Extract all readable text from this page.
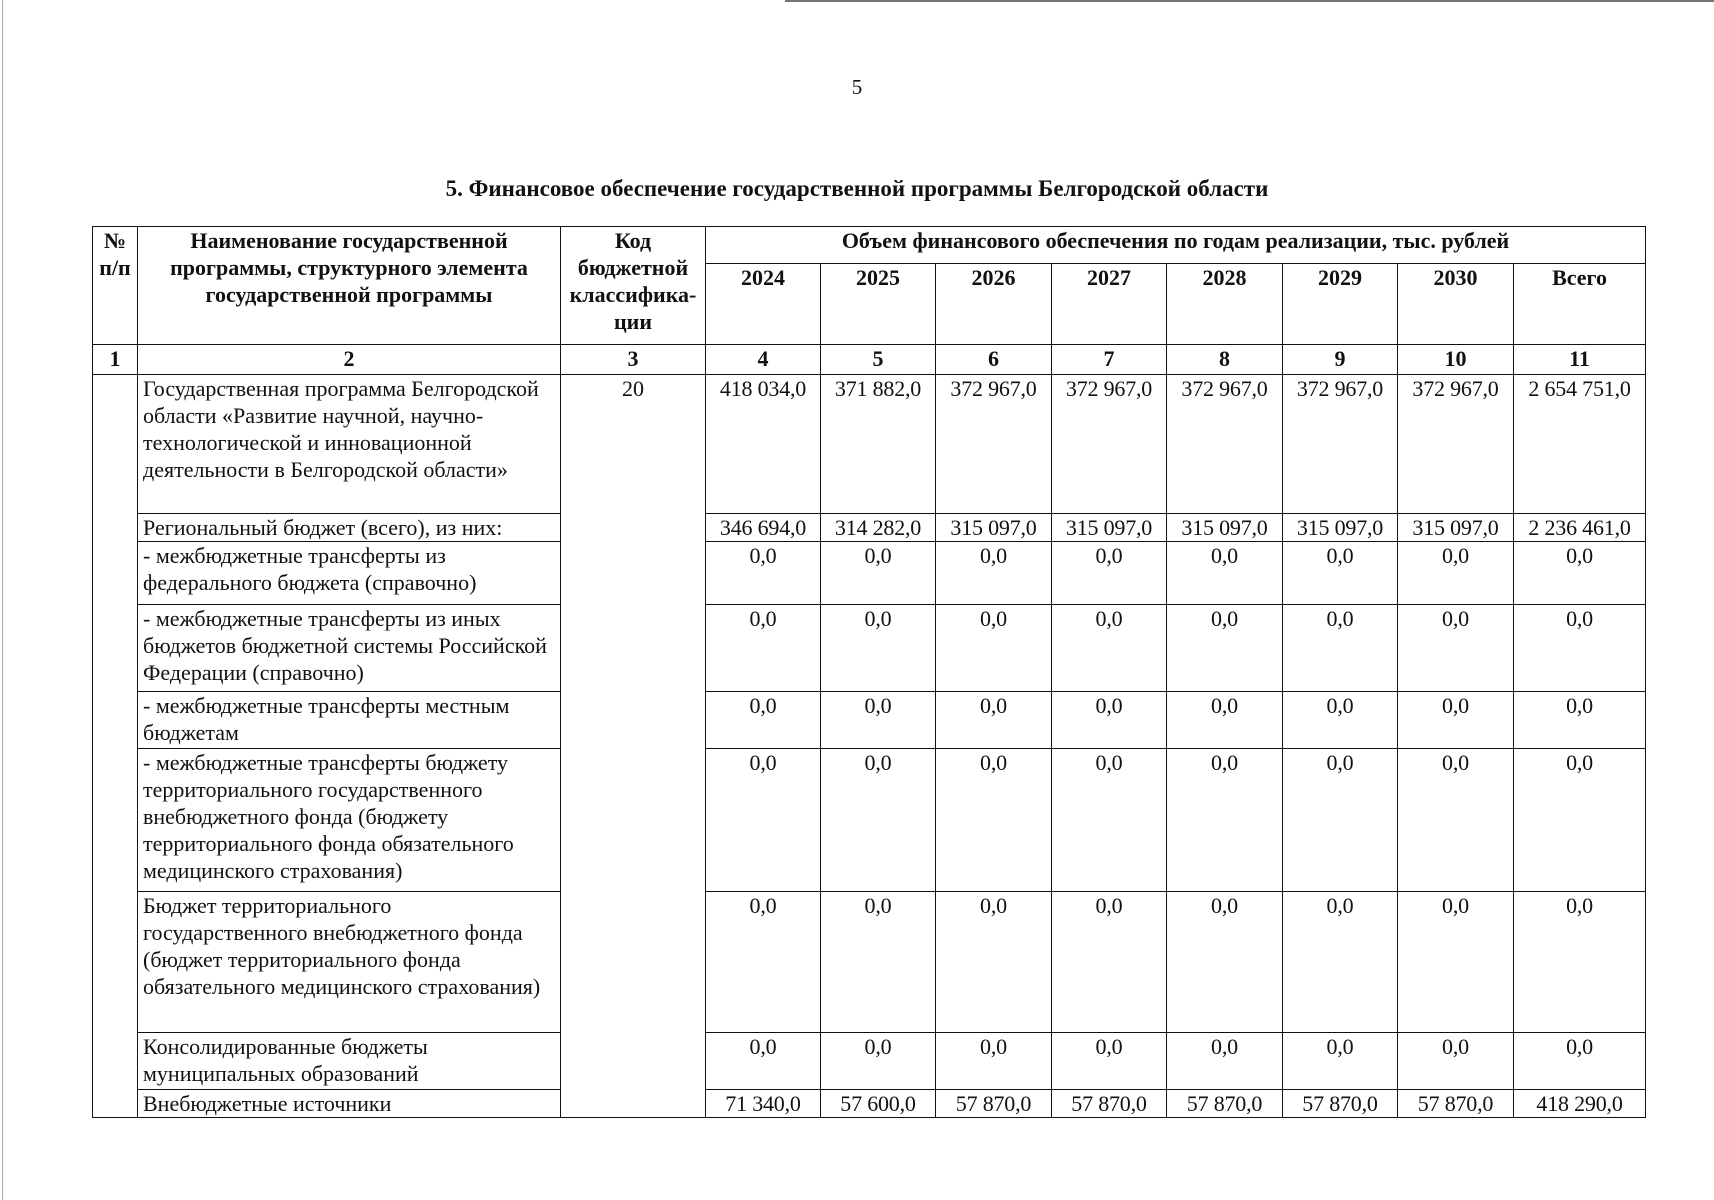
5
5. Финансовое обеспечение государственной программы Белгородской области
№ п/п	Наименование государственной программы, структурного элемента государственной программы	Код бюджетной классифика-ции	Объем финансового обеспечения по годам реализации, тыс. рублей							
			2024	2025	2026	2027	2028	2029	2030	Всего
1	2	3	4	5	6	7	8	9	10	11
	Государственная программа Белгородской области «Развитие научной, научно-технологической и инновационной деятельности в Белгородской области»	20	418 034,0	371 882,0	372 967,0	372 967,0	372 967,0	372 967,0	372 967,0	2 654 751,0
	Региональный бюджет (всего), из них:		346 694,0	314 282,0	315 097,0	315 097,0	315 097,0	315 097,0	315 097,0	2 236 461,0
	- межбюджетные трансферты из федерального бюджета (справочно)		0,0	0,0	0,0	0,0	0,0	0,0	0,0	0,0
	- межбюджетные трансферты из иных бюджетов бюджетной системы Российской Федерации (справочно)		0,0	0,0	0,0	0,0	0,0	0,0	0,0	0,0
	- межбюджетные трансферты местным бюджетам		0,0	0,0	0,0	0,0	0,0	0,0	0,0	0,0
	- межбюджетные трансферты бюджету территориального государственного внебюджетного фонда (бюджету территориального фонда обязательного медицинского страхования)		0,0	0,0	0,0	0,0	0,0	0,0	0,0	0,0
	Бюджет территориального государственного внебюджетного фонда (бюджет территориального фонда обязательного медицинского страхования)		0,0	0,0	0,0	0,0	0,0	0,0	0,0	0,0
	Консолидированные бюджеты муниципальных образований		0,0	0,0	0,0	0,0	0,0	0,0	0,0	0,0
	Внебюджетные источники		71 340,0	57 600,0	57 870,0	57 870,0	57 870,0	57 870,0	57 870,0	418 290,0
